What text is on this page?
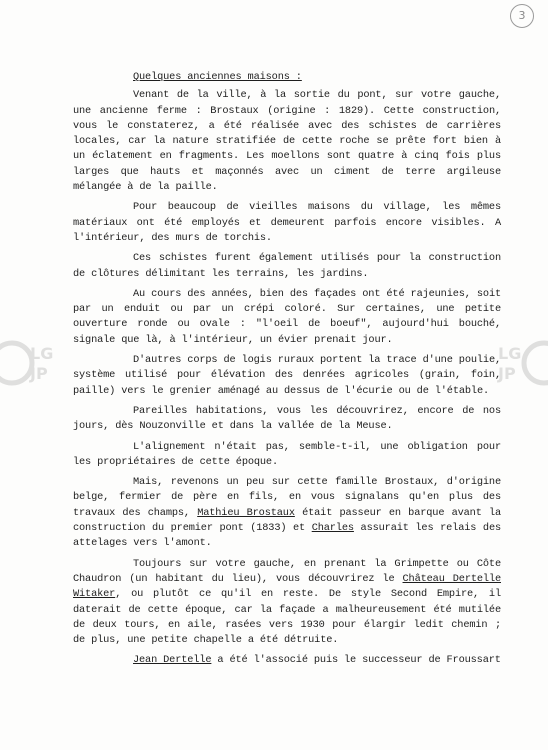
3
LG
JP
LG
JP

Quelques anciennes maisons :

Venant de la ville, à la sortie du pont, sur votre gauche, une ancienne ferme : Brostaux (origine : 1829). Cette construction, vous le constaterez, a été réalisée avec des schistes de carrières locales, car la nature stratifiée de cette roche se prête fort bien à un éclatement en fragments. Les moellons sont quatre à cinq fois plus larges que hauts et maçonnés avec un ciment de terre argileuse mélangée à de la paille.

Pour beaucoup de vieilles maisons du village, les mêmes matériaux ont été employés et demeurent parfois encore visibles. A l'intérieur, des murs de torchis.

Ces schistes furent également utilisés pour la construction de clôtures délimitant les terrains, les jardins.

Au cours des années, bien des façades ont été rajeunies, soit par un enduit ou par un crépi coloré. Sur certaines, une petite ouverture ronde ou ovale : "l'oeil de boeuf", aujourd'hui bouché, signale que là, à l'intérieur, un évier prenait jour.

D'autres corps de logis ruraux portent la trace d'une poulie, système utilisé pour élévation des denrées agricoles (grain, foin, paille) vers le grenier aménagé au dessus de l'écurie ou de l'étable.

Pareilles habitations, vous les découvrirez, encore de nos jours, dès Nouzonville et dans la vallée de la Meuse.

L'alignement n'était pas, semble-t-il, une obligation pour les propriétaires de cette époque.

Mais, revenons un peu sur cette famille Brostaux, d'origine belge, fermier de père en fils, en vous signalans qu'en plus des travaux des champs, Mathieu Brostaux était passeur en barque avant la construction du premier pont (1833) et Charles assurait les relais des attelages vers l'amont.

Toujours sur votre gauche, en prenant la Grimpette ou Côte Chaudron (un habitant du lieu), vous découvrirez le Château Dertelle Witaker, ou plutôt ce qu'il en reste. De style Second Empire, il daterait de cette époque, car la façade a malheureusement été mutilée de deux tours, en aile, rasées vers 1930 pour élargir ledit chemin ; de plus, une petite chapelle a été détruite.

Jean Dertelle a été l'associé puis le successeur de Froussart
